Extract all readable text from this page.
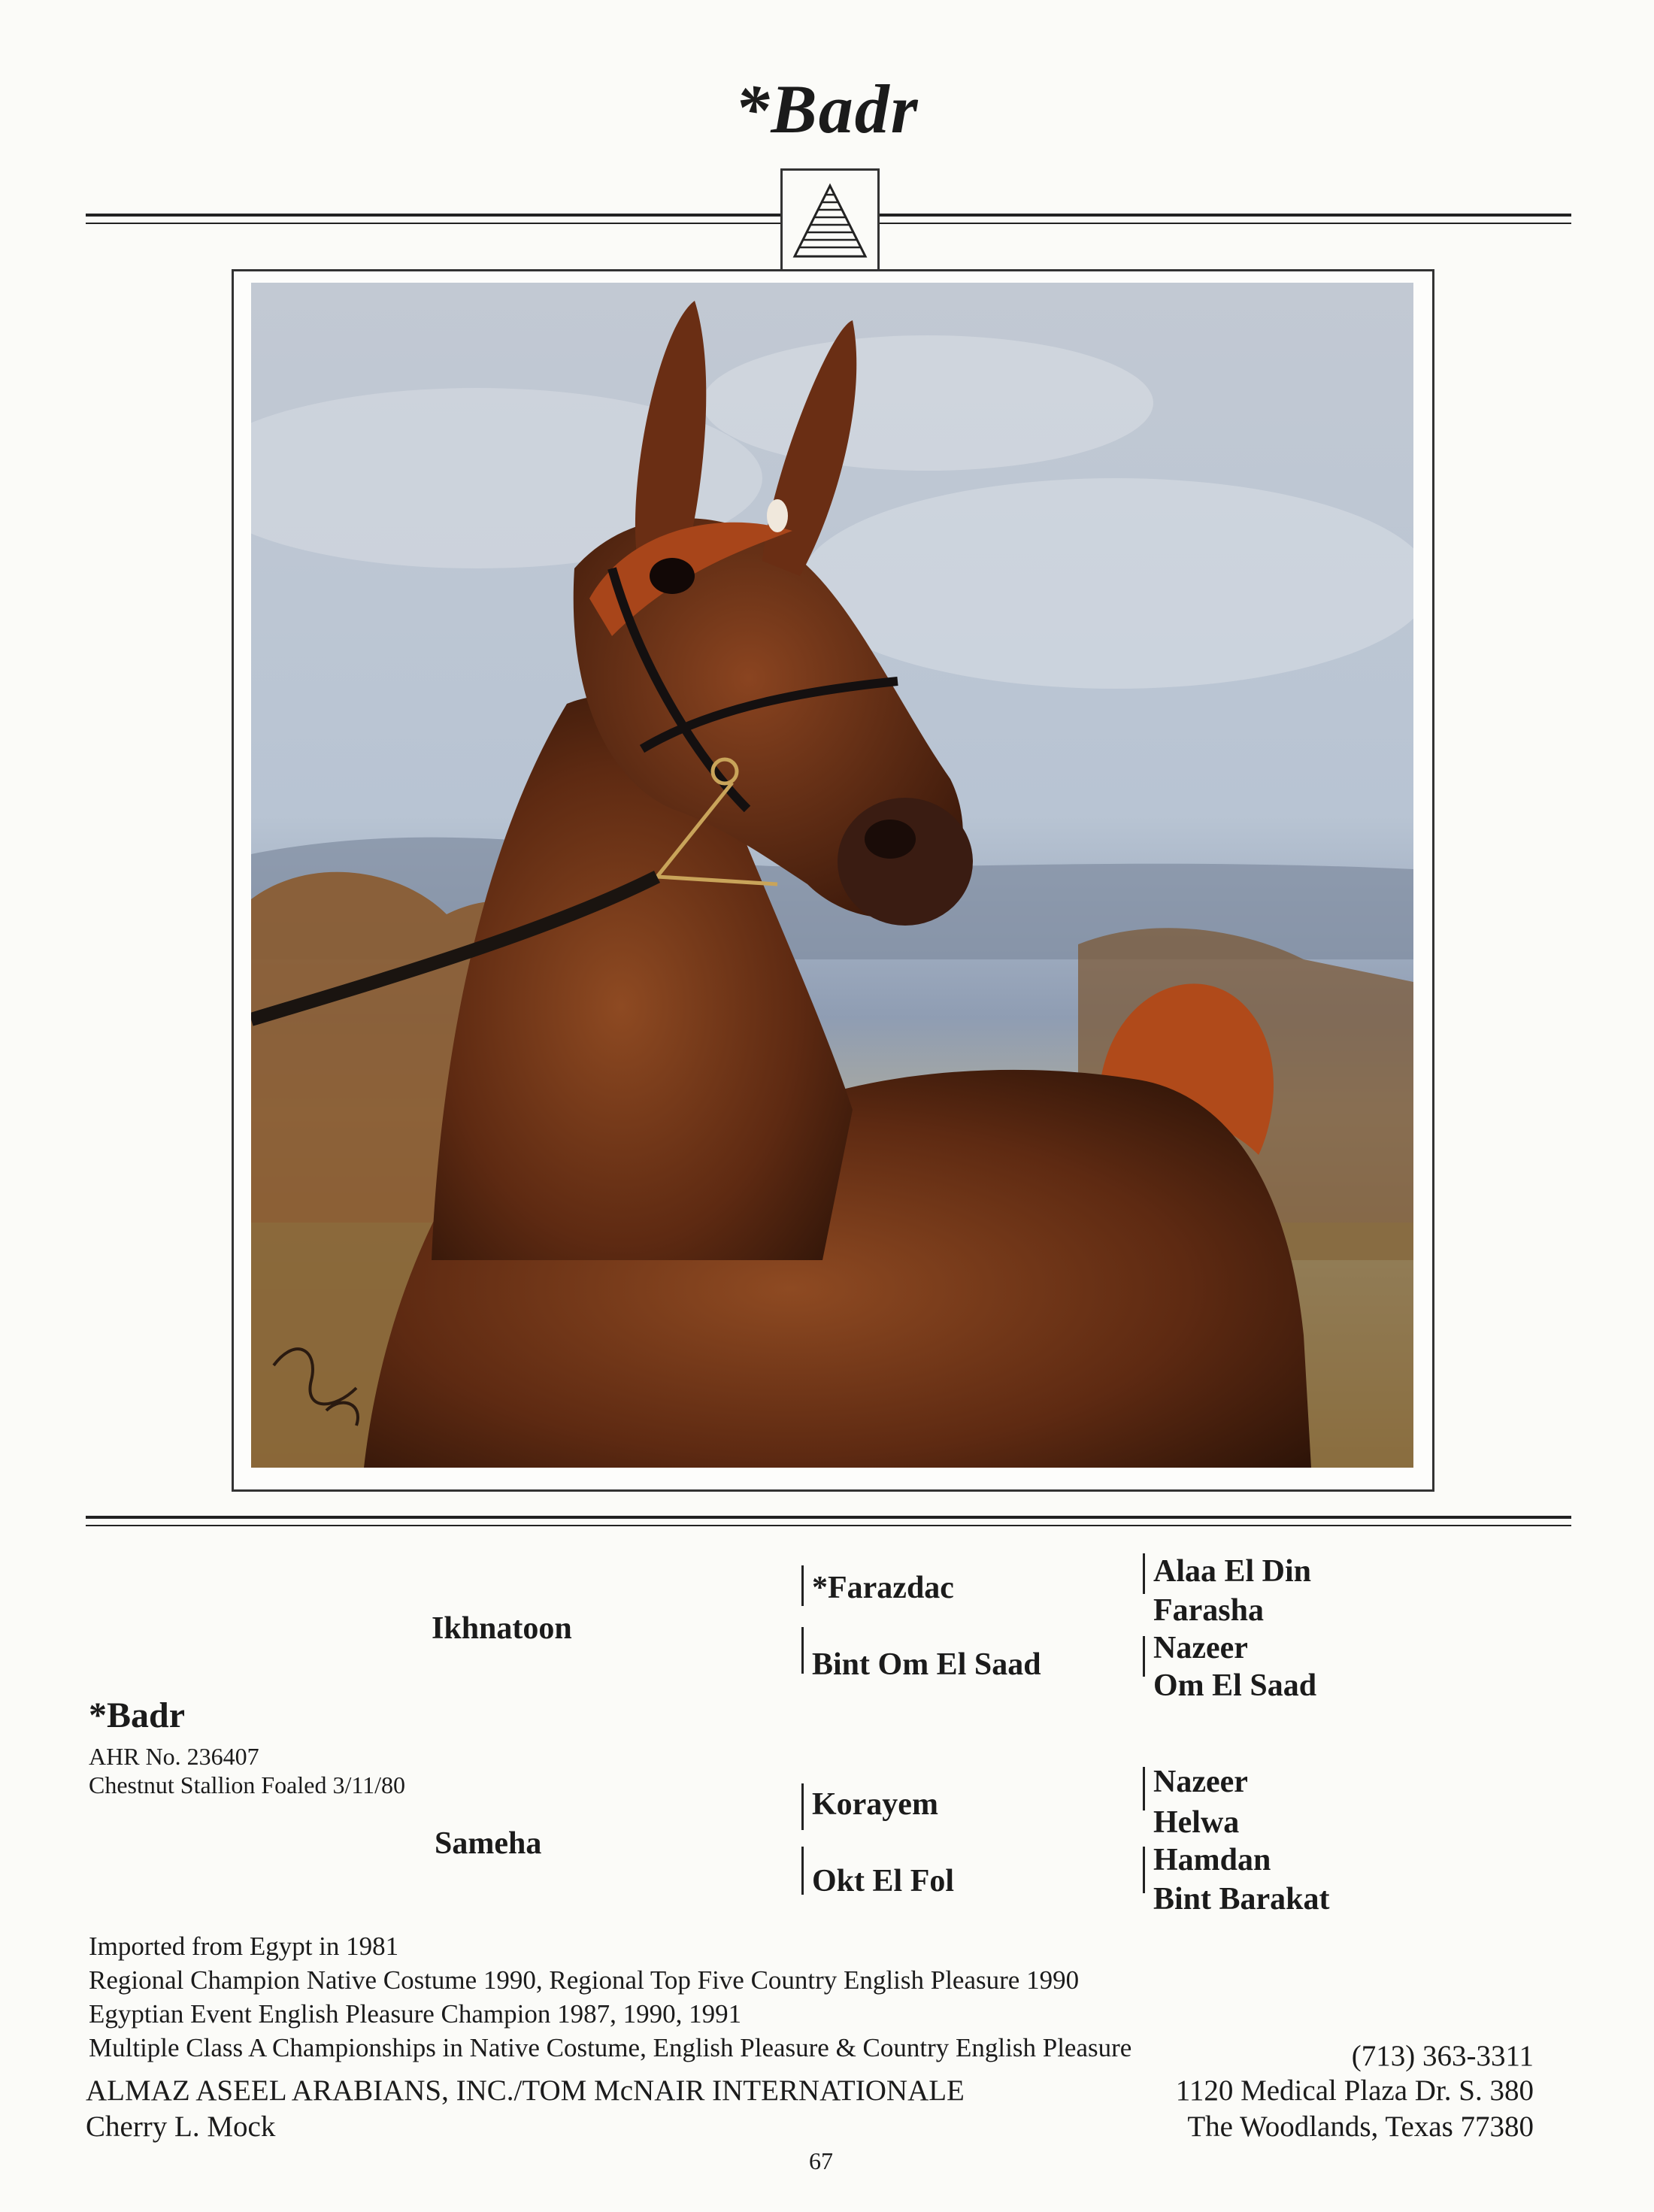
*Badr
*Badr
AHR No. 236407
Chestnut Stallion Foaled 3/11/80
Ikhnatoon
Sameha
*Farazdac
Bint Om El Saad
Korayem
Okt El Fol
Alaa El Din
Farasha
Nazeer
Om El Saad
Nazeer
Helwa
Hamdan
Bint Barakat
Imported from Egypt in 1981
Regional Champion Native Costume 1990, Regional Top Five Country English Pleasure 1990
Egyptian Event English Pleasure Champion 1987, 1990, 1991
Multiple Class A Championships in Native Costume, English Pleasure & Country English Pleasure
ALMAZ ASEEL ARABIANS, INC./TOM McNAIR INTERNATIONALE
Cherry L. Mock
(713) 363-3311
1120 Medical Plaza Dr. S. 380
The Woodlands, Texas 77380
67
